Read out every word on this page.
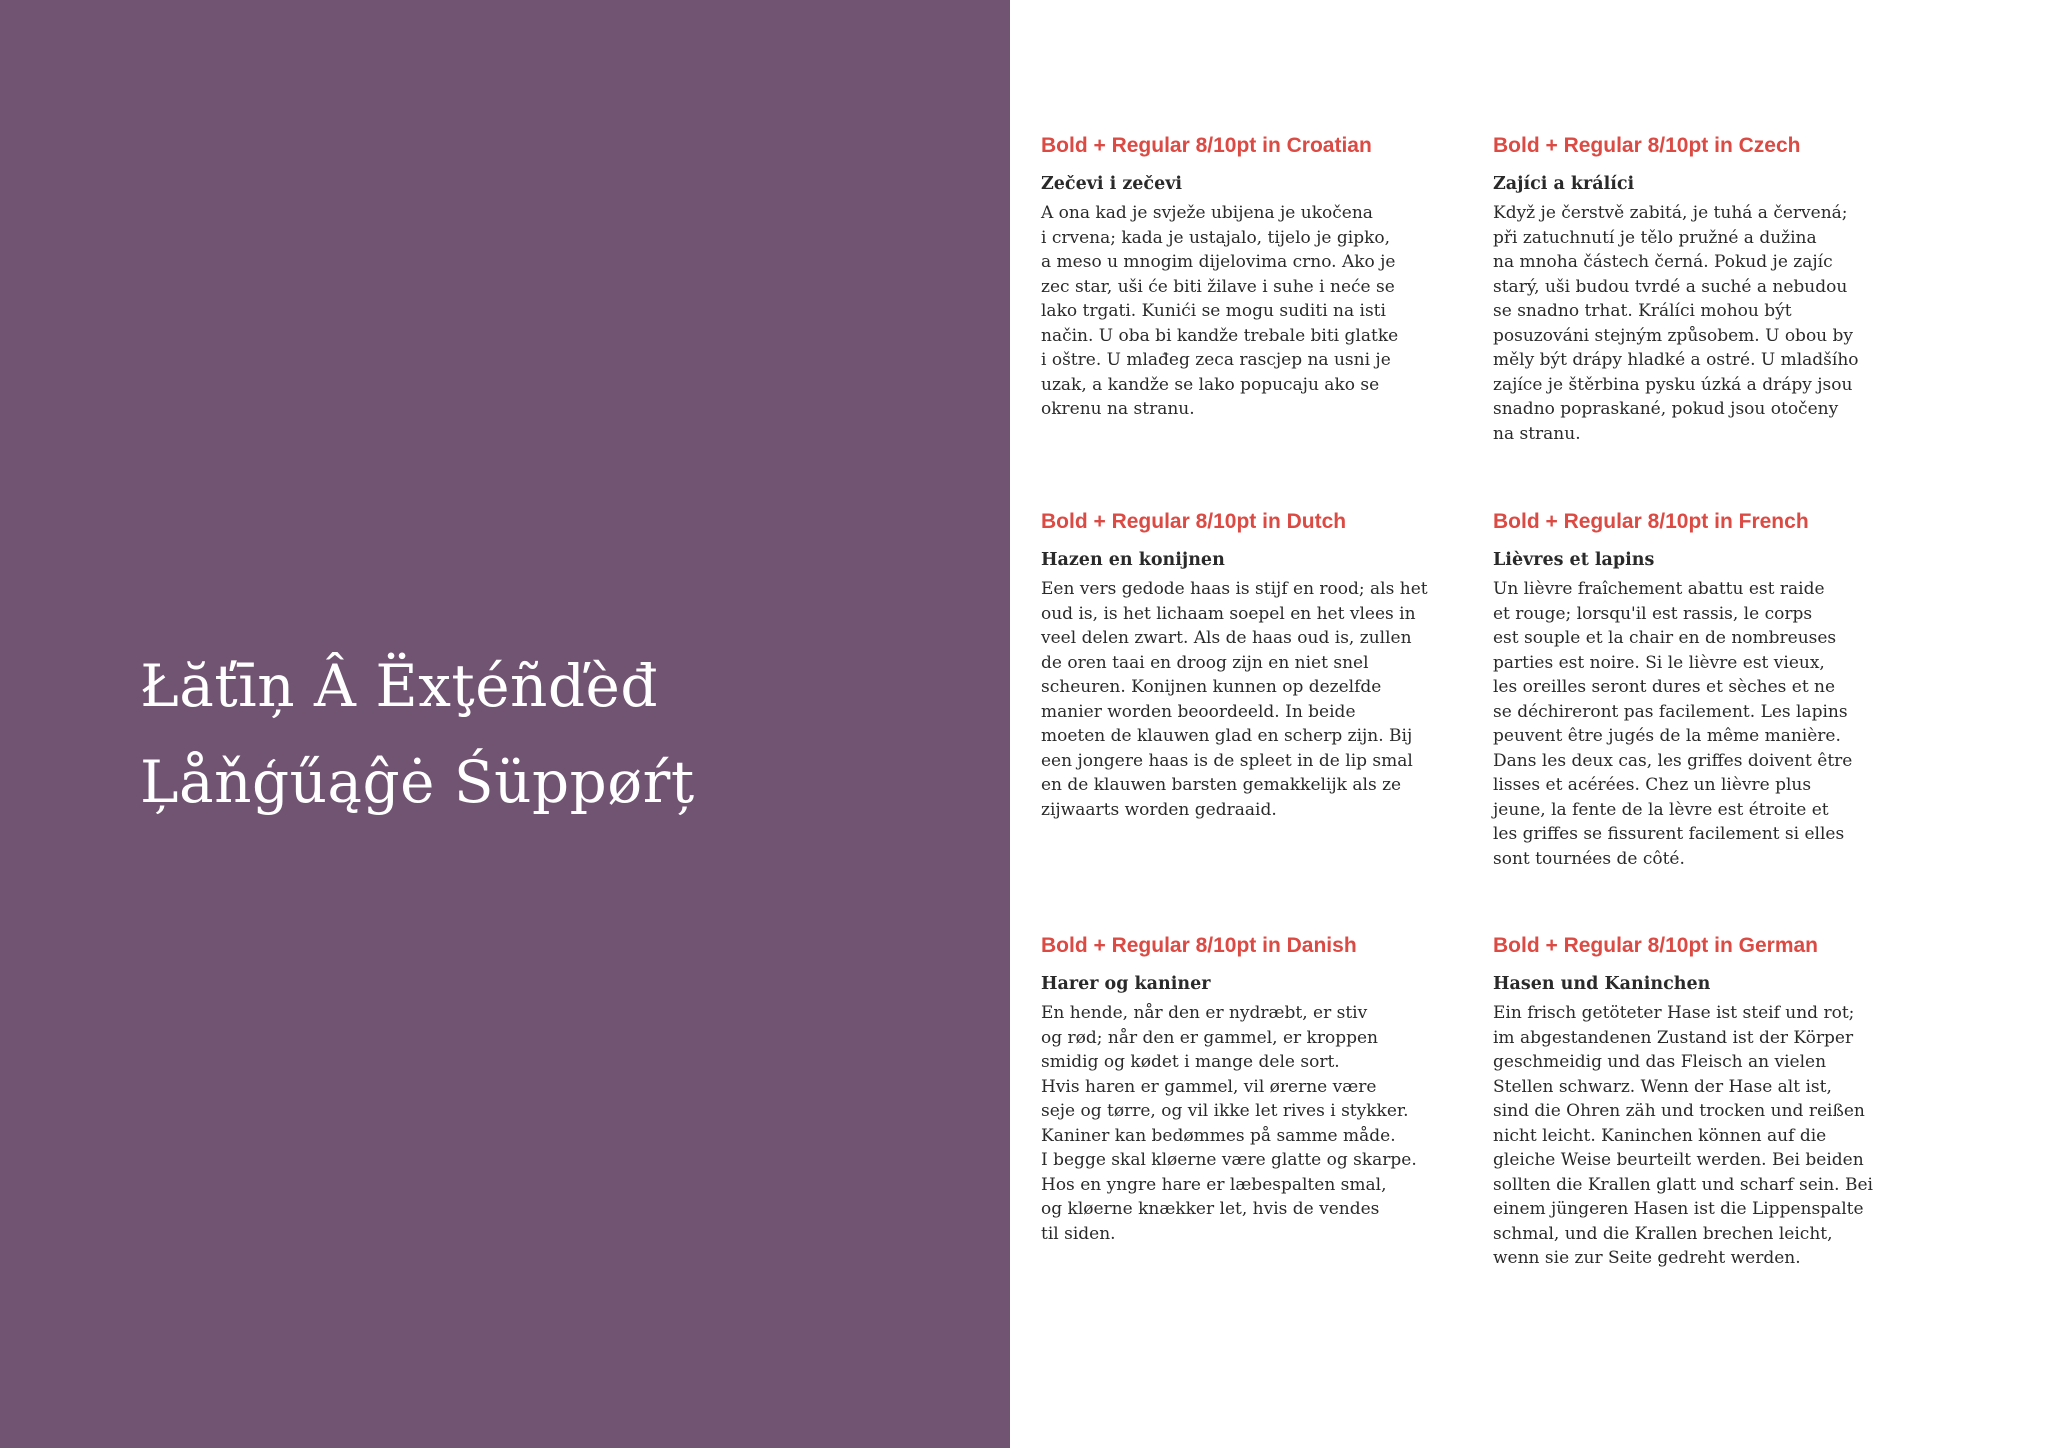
Łăťīņ Â Ëxţéñďèđ
Ļåňģűąĝė Śüppøŕț
Bold + Regular 8/10pt in Croatian
Zečevi i zečevi
A ona kad je svježe ubijena je ukočena
i crvena; kada je ustajalo, tijelo je gipko,
a meso u mnogim dijelovima crno. Ako je
zec star, uši će biti žilave i suhe i neće se
lako trgati. Kunići se mogu suditi na isti
način. U oba bi kandže trebale biti glatke
i oštre. U mlađeg zeca rascjep na usni je
uzak, a kandže se lako popucaju ako se
okrenu na stranu.
Bold + Regular 8/10pt in Czech
Zajíci a králíci
Když je čerstvě zabitá, je tuhá a červená;
při zatuchnutí je tělo pružné a dužina
na mnoha částech černá. Pokud je zajíc
starý, uši budou tvrdé a suché a nebudou
se snadno trhat. Králíci mohou být
posuzováni stejným způsobem. U obou by
měly být drápy hladké a ostré. U mladšího
zajíce je štěrbina pysku úzká a drápy jsou
snadno popraskané, pokud jsou otočeny
na stranu.
Bold + Regular 8/10pt in Dutch
Hazen en konijnen
Een vers gedode haas is stijf en rood; als het
oud is, is het lichaam soepel en het vlees in
veel delen zwart. Als de haas oud is, zullen
de oren taai en droog zijn en niet snel
scheuren. Konijnen kunnen op dezelfde
manier worden beoordeeld. In beide
moeten de klauwen glad en scherp zijn. Bij
een jongere haas is de spleet in de lip smal
en de klauwen barsten gemakkelijk als ze
zijwaarts worden gedraaid.
Bold + Regular 8/10pt in French
Lièvres et lapins
Un lièvre fraîchement abattu est raide
et rouge; lorsqu'il est rassis, le corps
est souple et la chair en de nombreuses
parties est noire. Si le lièvre est vieux,
les oreilles seront dures et sèches et ne
se déchireront pas facilement. Les lapins
peuvent être jugés de la même manière.
Dans les deux cas, les griffes doivent être
lisses et acérées. Chez un lièvre plus
jeune, la fente de la lèvre est étroite et
les griffes se fissurent facilement si elles
sont tournées de côté.
Bold + Regular 8/10pt in Danish
Harer og kaniner
En hende, når den er nydræbt, er stiv
og rød; når den er gammel, er kroppen
smidig og kødet i mange dele sort.
Hvis haren er gammel, vil ørerne være
seje og tørre, og vil ikke let rives i stykker.
Kaniner kan bedømmes på samme måde.
I begge skal kløerne være glatte og skarpe.
Hos en yngre hare er læbespalten smal,
og kløerne knækker let, hvis de vendes
til siden.
Bold + Regular 8/10pt in German
Hasen und Kaninchen
Ein frisch getöteter Hase ist steif und rot;
im abgestandenen Zustand ist der Körper
geschmeidig und das Fleisch an vielen
Stellen schwarz. Wenn der Hase alt ist,
sind die Ohren zäh und trocken und reißen
nicht leicht. Kaninchen können auf die
gleiche Weise beurteilt werden. Bei beiden
sollten die Krallen glatt und scharf sein. Bei
einem jüngeren Hasen ist die Lippenspalte
schmal, und die Krallen brechen leicht,
wenn sie zur Seite gedreht werden.
